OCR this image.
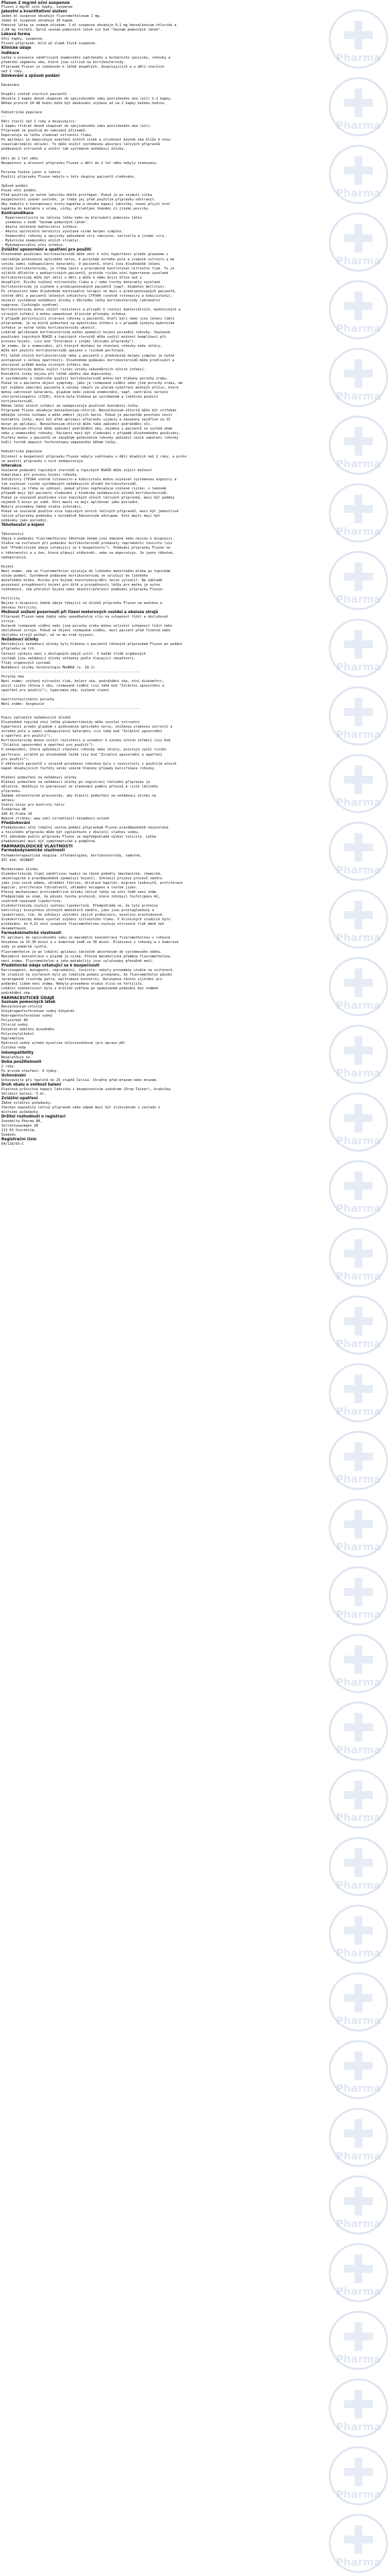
Fluxon 2 mg/ml oční suspenze
Fluxon 2 mg/ml oční kapky, suspenze
Jakostní a kvantitativní složení
Jeden ml suspenze obsahuje fluorometholonum 1 mg.
Jeden ml suspenze obsahuje 20 kapek.
Pomocná látka se známým účinkem: 1 ml suspenze obsahuje 0,1 mg benzalkonium-chloridu a
2,84 mg fosfátů. Úplný seznam pomocných látek viz bod "Seznam pomocných látek".
Léková forma
Oční kapky, suspenze.
Fluxon přípravek: bílá až slabě žlutá suspenze.
Klinické údaje
Indikace
Léčba a prevence zánětlivých onemocnění zadrženého a bulbárního spojivky, rohovky a
předního segmentu oka, které jsou citlivé na kortikosteroidy.
Přípravek Fluxon je indikován k léčbě dospělých, dospívajících a u dětí starších
než 2 roky.
Dávkování a způsob podání
Dávkování
Dospělí včetně starších pacientů
Obvykle 2 kapky denně vkapovat do spojivkového vaku postiženého oka (očí) 1-2 kapky.
Během prvních 24-48 hodin může být dávkování zvýšeno až na 2 kapky každou hodinu.
Pediatrická populace
--
Děti starší než 2 roky a dospívající:
1 kapku třikrát denně vkapovat do spojivkového vaku postiženého oka (očí).
Přípravek se používá do vymizení příznaků.
Doporučuje se léčbu sledovat nitrooční tlaku.
Po aplikaci se doporučuje uzavření očních víček a stisknout koutek oka blíže k nosu
(nasolakrimální okluze). To může snížit systémovou absorpci léčivých přípravků
podávaných nitroočně a snížit tak systémové nežádoucí účinky.
Děti do 2 let věku
Bezpečnost a účinnost přípravku Fluxon u dětí do 2 let věku nebyly stanoveny.
Porucha funkce jater a ledvin
Použití přípravku Fluxon nebylo u této skupiny pacientů sledováno.
Způsob podání
Pouze oční podání.
Před použitím je nutné lahvičku dobře protřepat. Pokud je po sejmutí víčka
bezpečnostní uzávěr uvolněn, je třeba jej před použitím přípravku odstranit.
Aby nedošlo k kontaminaci hrotu kapátka a obsahu kapací lahvičky, nesmí přijít hrot
kapátka do kontaktu s očima, víčky, přilehlými tkáněmi či jinými povrchy.
Kontraindikace
- Hypersenzitivita na léčivou látku nebo na kteroukoli pomocnou látku
uvedenou v bodě "Seznam pomocných látek".
- Akutní neléčené bakteriální infekce.
- Akutní epitelální keratitis vyvolaná virem herpes simplex.
- Onemocnění rohovky a spojivky způsobené viry vakcinie, varicella a jinými viry.
- Mykotická onemocnění očních struktur.
- Mykobakteriální oční infekce.
Zvláštní upozornění a opatření pro použití
Dlouhodobé používání kortikosteroidů může vést k oční hypertenzi a/nebo glaukomu s
následným poškozením optického nervu, k poruchám zorného pole a zrakové ostrosti a ke
vzniku zadní subkapsulární katarakty. U pacientů, kteří jsou dlouhodobě léčeni
očními kortikosteroidy, je třeba často a pravidelně kontrolovat nitrooční tlak. To je
zvláště důležité u pediatrických pacientů, protože riziko oční hypertenze vyvolané
kortikosteroidy může být větší u dětí a může k němu dojít dříve než u
dospělých. Riziko zvýšení nitroočního tlaku a / nebo tvorby katarakty vyvolané
kortikosteroidy je zvýšené u predisponovaných pacientů (např. diabetes mellitus).
Po intenzivní nebo dlouhodobé kontinuální terapii se musí u predisponovaných pacientů,
včetně dětí a pacientů léčených inhibitory CYP3A4 (včetně ritonaviru a kobicistatu),
objevit systémové nežádoucí účinky v důsledku léčby kortikosteroidy (adrenální
supprese, Cushingův syndrom).
Kortikosteroidy mohou snížit rezistenci a přispět k rozvoji bakteriálních, mykotických a
virových infekcí a mohou zamaskovat klinické příznaky infekce.
V případě perzistující ulcerace rohovky u pacientů, kteří byli nebo jsou léčeni tímto
přípravkem, je na místě podezření na mykotickou infekci a v případě výskytu mykotické
infekce je nutné léčbu kortikosteroidy ukončit.
Lokálně aplikované kortikosteroidy mohou zpomalit hojení poranění rohovky. Současné
používání topických NSAID a topických steroidů může zvýšit možnost komplikací při
procesu hojení. (viz bod "Interakce s jinými léčivými přípravky").
Je známo, že u onemocnění, při kterých dochází ke ztenčení rohovky nebo skléry,
může být použití kortikosteroidů spojeno s rizikem perforace.
Při léčbě očních kortikosteroidy nebo u pacientů s předchozím herpes simplex je nutné
postupovat s velkou opatrností. Dlouhodobé podávání kortikosteroidů může prodloužit a
zhoršovat průběh mnoha virových infekcí oka.
Kortikosteroidy mohou zvýšit riziko vzniku sekundárních očních infekcí.
Kontaktní čočky nejsou při léčbě zánětu oka doporučeny.
U systémového a lokálního použití kortikosteroidů mohou být hlášeny poruchy zraku.
Pokud se u pacienta objeví symptomy, jako je rozmazané vidění nebo jiné poruchy zraku, má
být zváženo odeslání pacienta k očnímu lékaři za účelem vyšetření možných příčin, které
mohou zahrnovat kataraktu, glaukom nebo vzácná onemocnění, např. centrální serózní
chorioretinopatii (CSCR), která byla hlášena po systémovém a lokálním použití
kortikosteroidů.
Během léčby očních infekcí se nedoporučuje používat kontaktní čočky.
Přípravek Fluxon obsahuje benzalkonium-chlorid. Benzalkonium-chlorid může být vstřebán
měkkými očními čočkami a může změnit jejich barvu. Pokud je pacientům povoleno nosit
kontaktní čočky, musí být před aplikací přípravku vyjmuty a nasazeny nejdříve za 15
minut po aplikaci. Benzalkonium-chlorid může také způsobit podráždění očí.
Benzalkonium-chlorid může způsobit podráždění oka, zejména u pacientů se suchým okem
nebo u onemocnění rohovky. Pacienti musí být sledováni v případě dlouhodobého používání.
Fosfáty mohou u pacientů se závažným poškozením rohovky způsobit vznik zakalení rohovky
kvůli tvorbě depozit fosforečnanu vápenatého během léčby.
Pediatrická populace
Účinnost a bezpečnost přípravku Fluxon nebyly ověřovány u dětí mladších než 2 roky, a proto
se použití přípravku u nich nedoporučuje.
Interakce
Současné podávání topických steroidů a topických NSAID může zvýšit možnost
komplikací při procesu hojení rohovky.
Inhibitory CYP3A4 včetně ritonaviru a kobicistatu mohou zvyšovat systémovou expozici a
tím zvyšovat riziko systémových nežádoucích účinků kortikosteroidů.
Kombinaci je třeba se vyhnout, pokud přínos nepřevažuje zvýšené riziko; v takovém
případě mají být pacienti sledováni z hlediska nežádoucích účinků kortikosteroidů.
Pokud je současně používáno více topických očních léčivých přípravků, musí být podány
nejméně 5 minut po sobě. Oční masti se mají aplikovat jako poslední.
Nebyly provedeny žádné studie interakcí.
Pokud se současně používá více topických očních léčivých přípravků, musí být jednotlivé
léčivé přípravky podávány s minimálně 5minutovým odstupem. Oční masti mají být
podávány jako poslední.
Těhotenství a kojení
Těhotenství
Údaje o podávání fluorometholonu těhotným ženám jsou omezené nebo nejsou k dispozici.
Studie na zvířatech při podávání kortikosteroidů prokázaly reprodukční toxicitu (viz
bod "Předklinické údaje vztahující se k bezpečnosti"). Podávání přípravku Fluxon se
v těhotenství a u žen, které plánují otěhotnět, nebo se doporučuje. Je jasno těhotné,
nedoporučuje.
Kojení
Není známo, zda se fluorometholon vylučuje do lidského mateřského mléka po topickém
očním podání. Systémově podávané kortikosteroidy se vylučují do lidského
mateřského mléka. Riziko pro kojené novorozence/děti nelze vyloučit. Na základě
posouzení prospěšnosti kojení pro dítě a prospěšnosti léčby pro matku je nutno
rozhodnout, zda přerušit kojení nebo ukončit/přerušit podávání přípravku Fluxon.
Fertilita
Nejsou k dispozici žádné údaje týkající se účinků přípravku Fluxon na mužskou a
ženskou fertilitu.
Možnost snížení pozornosti při řízení motorových vozidel a obsluze strojů
Přípravek Fluxon nemá žádný nebo zanedbatelný vliv na schopnost řídit a obsluhovat
stroje.
Dočasně rozmazané vidění nebo jiné poruchy zraku mohou ovlivnit schopnost řídit nebo
obsluhovat stroje. Pokud se objeví rozmazané vidění, musí pacient před řízením nebo
obsluhou strojů počkat, až se mu zrak vyjasní.
Nežádoucí účinky
Následující nežádoucí účinky byly hlášeny u pacientů léčených přípravkem Fluxon po podání
přípravku na trh.
Četnost výskytu není z dostupných údajů určit. V každé třídě orgánových
systémů jsou nežádoucí účinky seřazeny podle klesající závažnosti.
Třídy orgánových systémů
Nežádoucí účinky terminologie MedDRA (v. 18.1)
--------------------------------------------------------------------
Poruchy oka
Není známo: zvýšený nitrooční tlak, bolest oka, podráždění oka, oční diskomfort,
pocit cizího tělesa v oku, rozmazané vidění (viz také bod "Zvláštní upozornění a
opatření pro použití"), hyperemie oka, zvýšené slzení
--
Gastrointestinální poruchy
Není známo: dysgeuzie
--------------------------------------------------------------------
Popis vybraných nežádoucích účinků
Dlouhodobá topická oční léčba glukokortikoidy může vyvolat nitrooční
hypertenzi a/nebo glaukom s poškozením optického nervu, sníženou zrakovou ostrostí a
zorného pole a zadní subkapsulární kataraktu (viz také bod "Zvláštní upozornění
a opatření pro použití").
Kortikosteroidy mohou snížit rezistenci a usnadnit k vzniku očních infekcí (viz bod
"Zvláštní upozornění a opatření pro použití").
U onemocnění, která způsobují ztenčení rohovky nebo skléry, existuje vyšší riziko
perforace, zvláště po dlouhodobé léčbě (viz bod "Zvláštní upozornění a opatření
pro použití").
U některých pacientů s vyrazně poraženou rohovkou byly v souvislosti s použitím očních
kapek obsahujících fosfáty velmi vzácně hlášeny případy kalcifikace rohovky.
Hlášení podezření na nežádoucí účinky
Hlášení podezření na nežádoucí účinky po registraci léčivého přípravku je
důležité. Umožňuje to pokračovat ve sledování poměru přínosů a rizik léčivého
přípravku.
Žádáme zdravotnické pracovníky, aby hlásili podezření na nežádoucí účinky na
adresu:
Státní ústav pro kontrolu léčiv
Šrobárova 48
100 41 Praha 10
Webové stránky: www.sukl.cz/nahlasit-nezadouci-ucinek
Předávkování
Předávkování oční lokální cestou podání přípravkem Fluxon pravděpodobně nevyvolává
a toxického přípravku může být vypláchnuto z oka(očí) vlažnou vodou.
Při náhodném požití přípravku Fluxon se nepředpokládá výskyt toxicity. Léčba
předávkování musí být symptomatická a podpůrná.
FARMAKOLOGICKÉ VLASTNOSTI
Farmakodynamické vlastnosti
Farmakoterapeutická skupina: oftalmologika, kortikosteroidy, samotné,
ATC kód: S01BA07
Mechanismus účinku
Glukokortikoidy tlumí zánětlivou reakci na různé podněty (mechanické, chemické,
imunologické a pravděpodobně zpomalují hojení). Inhibují projevy procesů zánětu
jako jsou vznik edému, ukládání fibrinu, dilatace kapilár, migrace leukocytů, proliferace
kapilár, proliferace fibroblastů, ukládání kolagenu a tvorba jizev.
Přesný mechanismus protizánětlivé účinku léčivé látky na oční tkáň není znám.
Předpokládá se však, že působí tvorbu proteinů, které inhibují fosfolipázu A2,
souhrnně nazývané lipokortiny.
Glukokortikoidy zvyšují syntézu lipokortinů. Předpokládá se, že tyto proteiny
kontrolují biosyntézu účinných mediátorů zánětu, jako jsou prostaglandiny a
leukotrieny, tím, že inhibují uvolnění jejich prekurzoru, kyseliny arachidonové.
Glukokortikoidy mohou vyvolat zvýšení nitroočního tlaku. V klinických studiích bylo
prokázáno, že 0,1% oční suspenze fluorometholonu zvyšuje nitrooční tlak méně než
dexamethason.
Farmakokinetické vlastnosti
Po aplikaci do spojivkového vaku je maximální koncentrace fluorometholonu v rohovce
dosažena za 15-30 minut a v komorové vodě za 30 minut. Eliminace z rohovky a z komorové
vody je poměrně rychlá.
Fluorometholon je po lokální aplikaci částečně absorbován do systémového oběhu.
Maximální koncentrace v plazmě je nízká. Přesná metabolická přeměna fluorometholonu
není známa. Fluorometholon a jeho metabolity jsou vylučovány převážně močí.
Předklinické údaje vztahující se k bezpečnosti
Karcinogenní, mutagenní, reprodukční, toxicitu: nebyly provedeny studie na zvířatech.
Ve studiích na zvířatech bylo po lokálním podání prokázáno, že fluorometholon působí
teratogenně (rozštěp patra, malformace končetin). Relevance těchto zjištění pro
podávání lidem není známa. Nebyla provedena studie vlivu na fertilitu.
Lokální snášenlivost byla u králíků ověřena po opakovaném podávání bez známek
podráždění oka.
FARMACEUTICKÉ ÚDAJE
Seznam pomocných látek
Benzalkonium-chlorid
Dihydrogenfosforečnan sodný dihydrát
Hydrogenfosforečnan sodný
Polysorbát 80
Chlorid sodný
Dihydrát edetátu disodného
Polyvinylalkohol
Hypromelóza
Hydroxid sodný a/nebo kyselina chlorovodíková (pro úpravu pH)
Čištěná voda
Inkompatibility
Neuplatňuje se.
Doba použitelnosti
2 roky.
Po prvním otevření: 4 týdny.
Uchovávání
Uchovávejte při teplotě do 25 stupňů Celsia. Chraňte před mrazem nebo mrazem.
Druh obalu a velikost balení
Plastová průsvitná kapací lahvička s bezpečnostním uzávěrem (Drop-Tainer), krabička.
Velikost balení: 5 ml.
Zvláštní opatření
Žádné zvláštní požadavky.
Všechen nepoužitý léčivý přípravek nebo odpad musí být zlikvidován v souladu s
místními požadavky.
Držitel rozhodnutí o registraci
Innodelta Pharma AB,
Sollentunavägen 1B
113 63 Stockholm,
Švédsko
Registrační číslo
64/110/03-C
Pharma
Pharma
Pharma
Pharma
Pharma
Pharma
Pharma
Pharma
Pharma
Pharma
Pharma
Pharma
Pharma
Pharma
Pharma
Pharma
Pharma
Pharma
Pharma
Pharma
Pharma
Pharma
Pharma
Pharma
Pharma
Pharma
Pharma
Pharma
Pharma
Pharma
Pharma
Pharma
Pharma
Pharma
Pharma
Pharma
Pharma
Pharma
